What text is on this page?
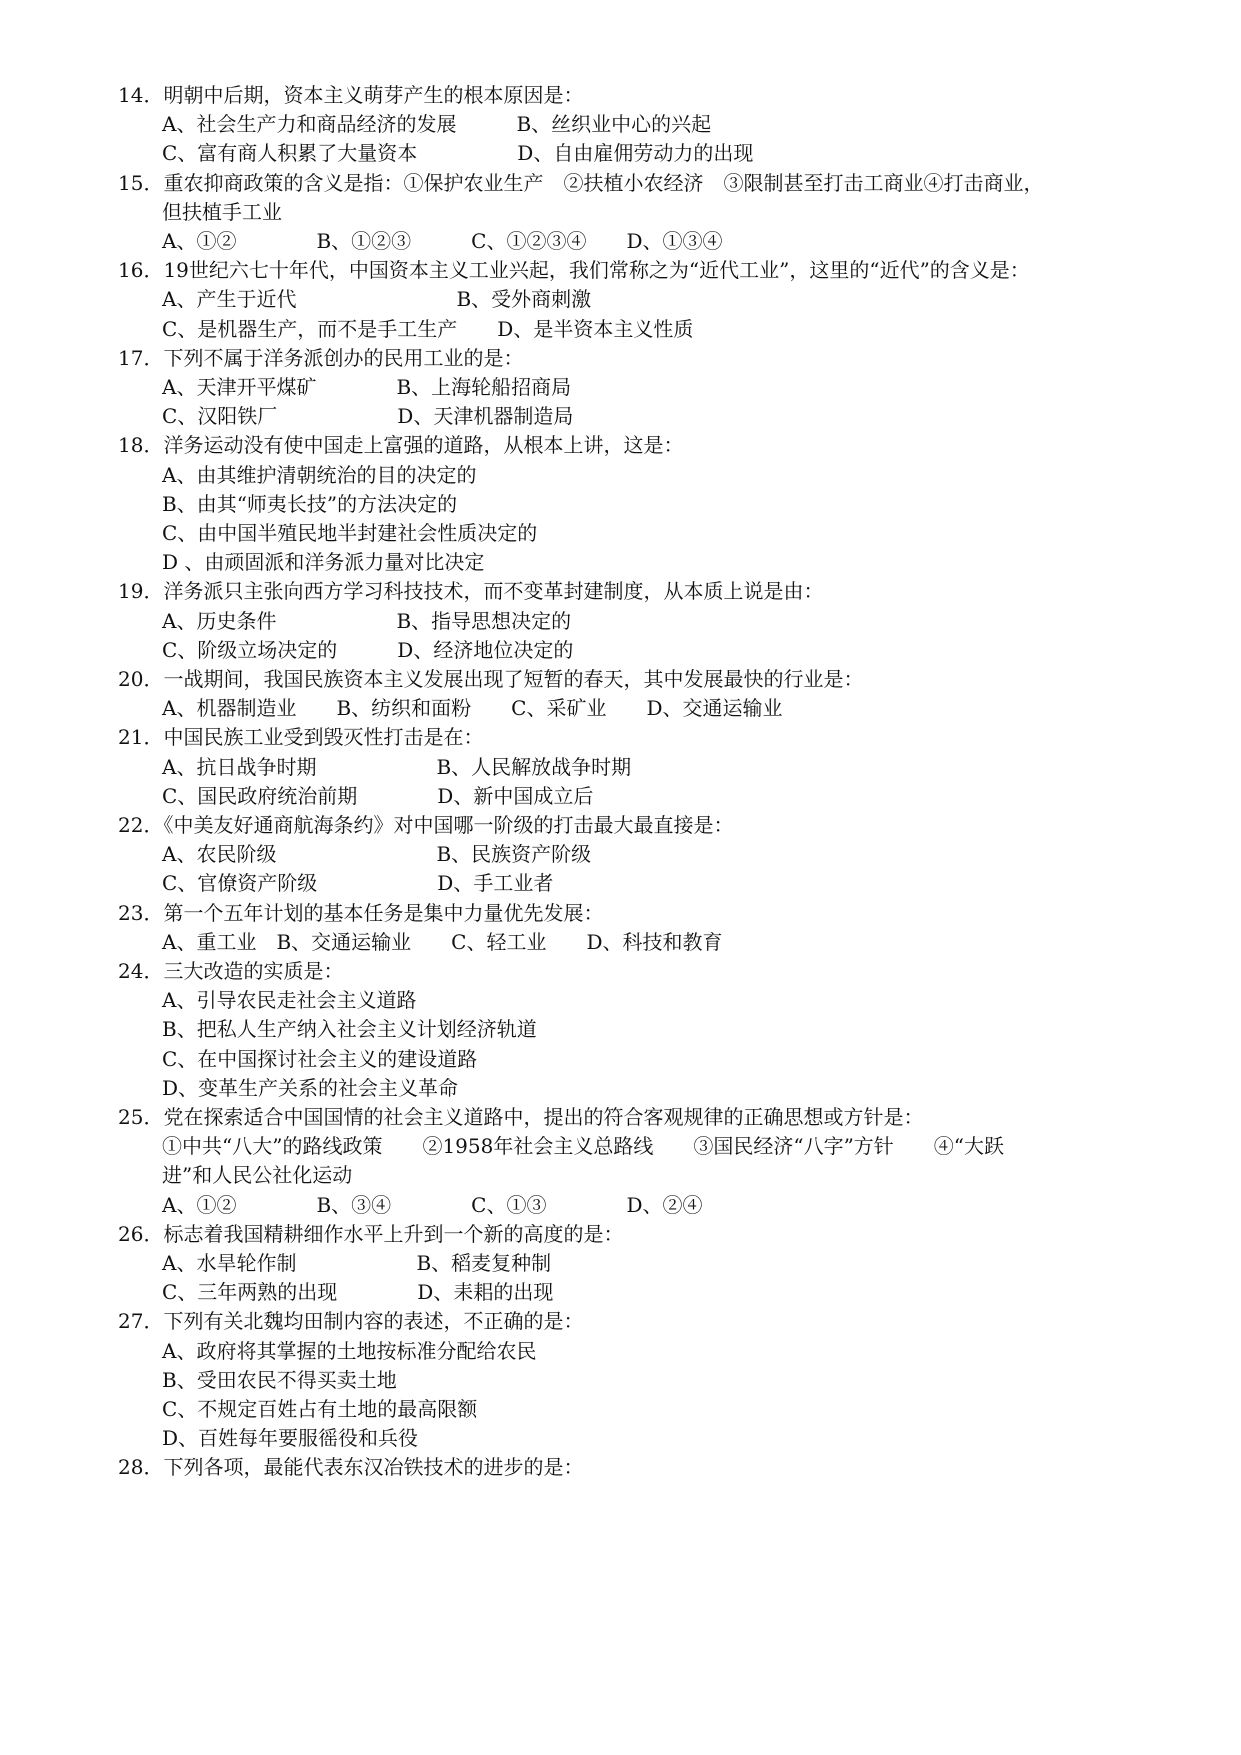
14．明朝中后期，资本主义萌芽产生的根本原因是：
A、社会生产力和商品经济的发展　　　B、丝织业中心的兴起
C、富有商人积累了大量资本　　　　　D、自由雇佣劳动力的出现
15．重农抑商政策的含义是指：①保护农业生产　②扶植小农经济　③限制甚至打击工商业④打击商业，
但扶植手工业
A、①②　　　　B、①②③　　　C、①②③④　　D、①③④
16．19世纪六七十年代，中国资本主义工业兴起，我们常称之为“近代工业”，这里的“近代”的含义是：
A、产生于近代　　　　　　　　B、受外商刺激
C、是机器生产，而不是手工生产　　D、是半资本主义性质
17．下列不属于洋务派创办的民用工业的是：
A、天津开平煤矿　　　　B、上海轮船招商局
C、汉阳铁厂　　　　　　D、天津机器制造局
18．洋务运动没有使中国走上富强的道路，从根本上讲，这是：
A、由其维护清朝统治的目的决定的
B、由其“师夷长技”的方法决定的
C、由中国半殖民地半封建社会性质决定的
D 、由顽固派和洋务派力量对比决定
19．洋务派只主张向西方学习科技技术，而不变革封建制度，从本质上说是由：
A、历史条件　　　　　　B、指导思想决定的
C、阶级立场决定的　　　D、经济地位决定的
20．一战期间，我国民族资本主义发展出现了短暂的春天，其中发展最快的行业是：
A、机器制造业　　B、纺织和面粉　　C、采矿业　　D、交通运输业
21．中国民族工业受到毁灭性打击是在：
A、抗日战争时期　　　　　　B、人民解放战争时期
C、国民政府统治前期　　　　D、新中国成立后
22．《中美友好通商航海条约》对中国哪一阶级的打击最大最直接是：
A、农民阶级　　　　　　　　B、民族资产阶级
C、官僚资产阶级　　　　　　D、手工业者
23．第一个五年计划的基本任务是集中力量优先发展：
A、重工业　B、交通运输业　　C、轻工业　　D、科技和教育
24．三大改造的实质是：
A、引导农民走社会主义道路
B、把私人生产纳入社会主义计划经济轨道
C、在中国探讨社会主义的建设道路
D、变革生产关系的社会主义革命
25．党在探索适合中国国情的社会主义道路中，提出的符合客观规律的正确思想或方针是：
①中共“八大”的路线政策　　②1958年社会主义总路线　　③国民经济“八字”方针　　④“大跃
进”和人民公社化运动
A、①②　　　　B、③④　　　　C、①③　　　　D、②④
26．标志着我国精耕细作水平上升到一个新的高度的是：
A、水旱轮作制　　　　　　B、稻麦复种制
C、三年两熟的出现　　　　D、耒耜的出现
27．下列有关北魏均田制内容的表述，不正确的是：
A、政府将其掌握的土地按标准分配给农民
B、受田农民不得买卖土地
C、不规定百姓占有土地的最高限额
D、百姓每年要服徭役和兵役
28．下列各项，最能代表东汉冶铁技术的进步的是：
